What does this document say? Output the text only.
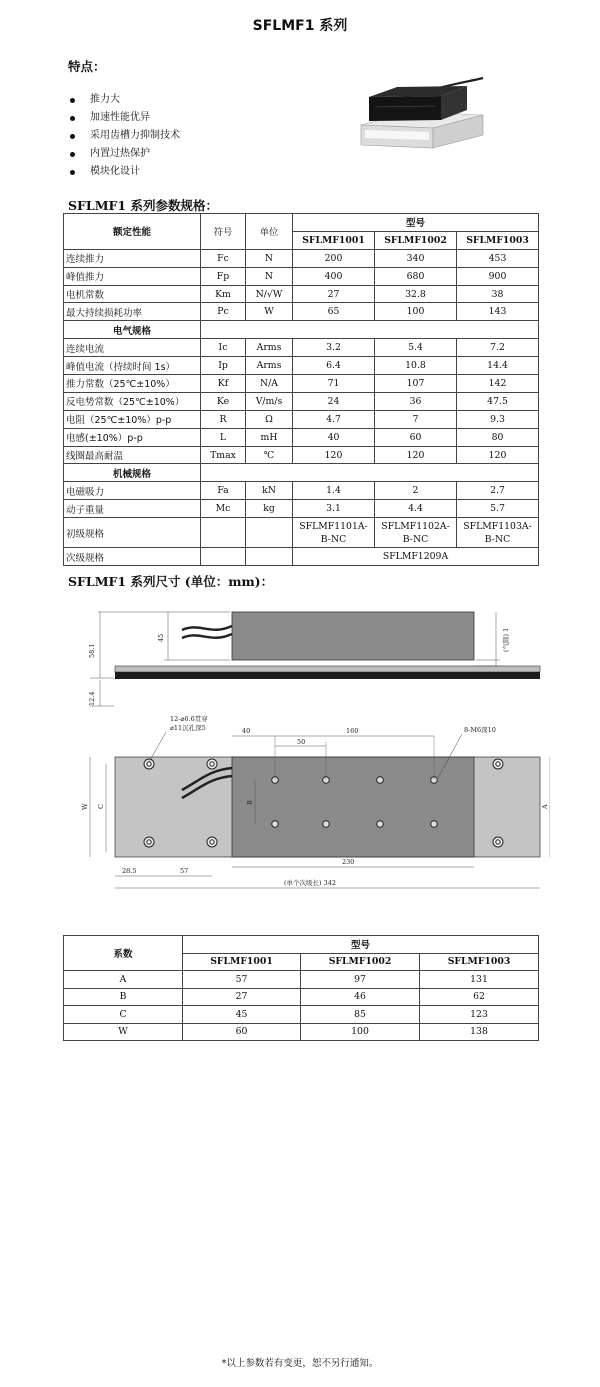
SFLMF1 系列
特点：
推力大
加速性能优异
采用齿槽力抑制技术
内置过热保护
模块化设计
SFLMF1 系列参数规格：
额定性能	符号	单位	型号		
			SFLMF1001	SFLMF1002	SFLMF1003
连续推力	Fc	N	200	340	453
峰值推力	Fp	N	400	680	900
电机常数	Km	N/√W	27	32.8	38
最大持续损耗功率	Pc	W	65	100	143
电气规格					
连续电流	Ic	Arms	3.2	5.4	7.2
峰值电流（持续时间 1s）	Ip	Arms	6.4	10.8	14.4
推力常数（25℃±10%）	Kf	N/A	71	107	142
反电势常数（25℃±10%）	Ke	V/m/s	24	36	47.5
电阻（25℃±10%）p-p	R	Ω	4.7	7	9.3
电感(±10%）p-p	L	mH	40	60	80
线圈最高耐温	Tmax	℃	120	120	120
机械规格					
电磁吸力	Fa	kN	1.4	2	2.7
动子重量	Mc	kg	3.1	4.4	5.7
初级规格			SFLMF1101A-B-NC	SFLMF1102A-B-NC	SFLMF1103A-B-NC
次级规格			SFLMF1209A		
SFLMF1 系列尺寸 (单位：mm)：
58.1
45
12.4
(气隙) 1
12-⌀6.6贯穿
⌀11沉孔深5	8-M6深10
40	160
50
W C
B
A
230
28.5	57
(单个次级长) 342
系数	型号		
	SFLMF1001	SFLMF1002	SFLMF1003
A	57	97	131
B	27	46	62
C	45	85	123
W	60	100	138
*以上参数若有变更，恕不另行通知。
